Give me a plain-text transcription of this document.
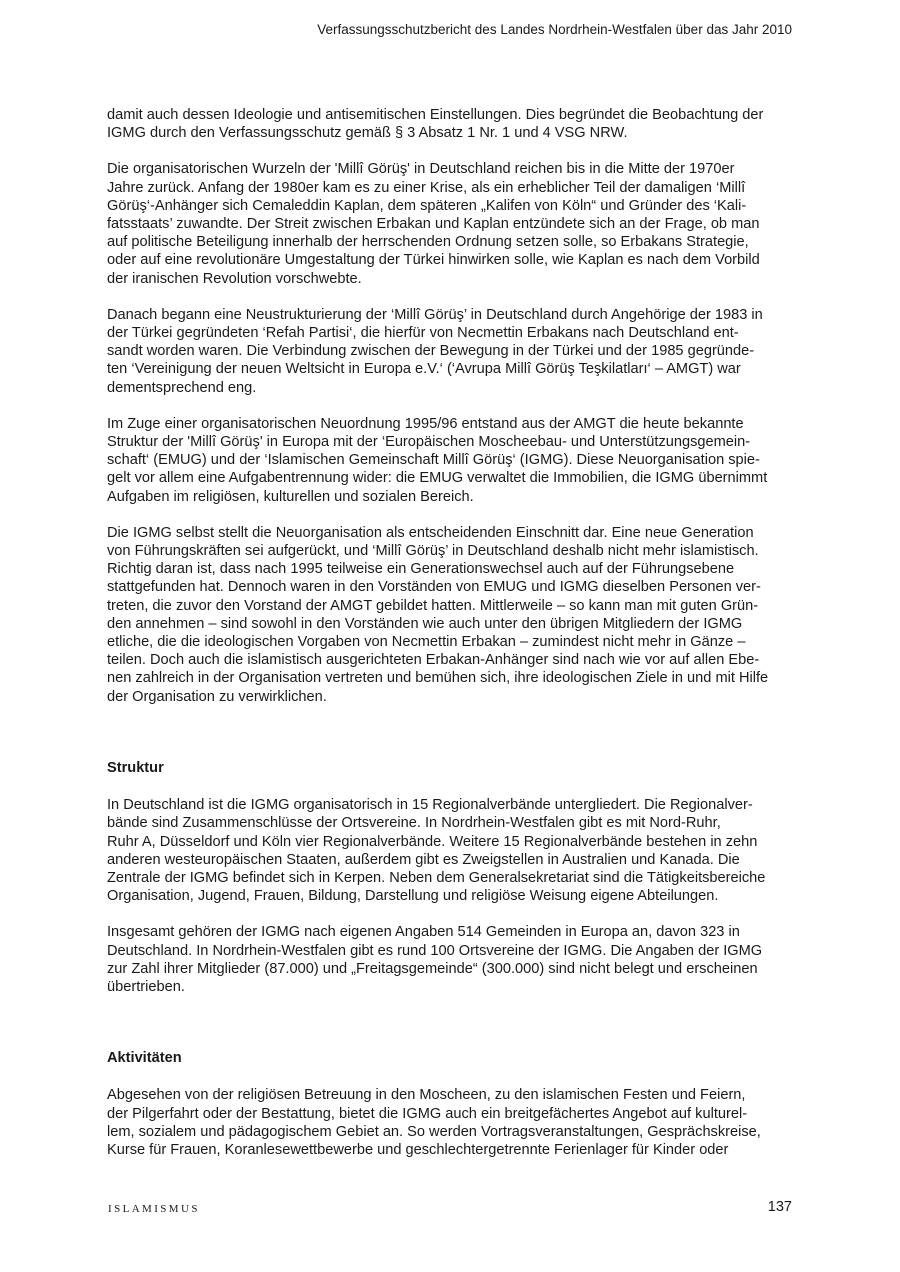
Verfassungsschutzbericht des Landes Nordrhein-Westfalen über das Jahr 2010

damit auch dessen Ideologie und antisemitischen Einstellungen. Dies begründet die Beobachtung der
IGMG durch den Verfassungsschutz gemäß § 3 Absatz 1 Nr. 1 und 4 VSG NRW.

Die organisatorischen Wurzeln der 'Millî Görüş' in Deutschland reichen bis in die Mitte der 1970er
Jahre zurück. Anfang der 1980er kam es zu einer Krise, als ein erheblicher Teil der damaligen ‘Millî
Görüş‘-Anhänger sich Cemaleddin Kaplan, dem späteren „Kalifen von Köln“ und Gründer des ‘Kali-
fatsstaats’ zuwandte. Der Streit zwischen Erbakan und Kaplan entzündete sich an der Frage, ob man
auf politische Beteiligung innerhalb der herrschenden Ordnung setzen solle, so Erbakans Strategie,
oder auf eine revolutionäre Umgestaltung der Türkei hinwirken solle, wie Kaplan es nach dem Vorbild
der iranischen Revolution vorschwebte.

Danach begann eine Neustrukturierung der ‘Millî Görüş’ in Deutschland durch Angehörige der 1983 in
der Türkei gegründeten ‘Refah Partisi‘, die hierfür von Necmettin Erbakans nach Deutschland ent-
sandt worden waren. Die Verbindung zwischen der Bewegung in der Türkei und der 1985 gegründe-
ten ‘Vereinigung der neuen Weltsicht in Europa e.V.‘ (‘Avrupa Millî Görüş Teşkilatları‘ – AMGT) war
dementsprechend eng.

Im Zuge einer organisatorischen Neuordnung 1995/96 entstand aus der AMGT die heute bekannte
Struktur der 'Millî Görüş' in Europa mit der ‘Europäischen Moscheebau- und Unterstützungsgemein-
schaft‘ (EMUG) und der ‘Islamischen Gemeinschaft Millî Görüş‘ (IGMG). Diese Neuorganisation spie-
gelt vor allem eine Aufgabentrennung wider: die EMUG verwaltet die Immobilien, die IGMG übernimmt
Aufgaben im religiösen, kulturellen und sozialen Bereich.

Die IGMG selbst stellt die Neuorganisation als entscheidenden Einschnitt dar. Eine neue Generation
von Führungskräften sei aufgerückt, und ‘Millî Görüş’ in Deutschland deshalb nicht mehr islamistisch.
Richtig daran ist, dass nach 1995 teilweise ein Generationswechsel auch auf der Führungsebene
stattgefunden hat. Dennoch waren in den Vorständen von EMUG und IGMG dieselben Personen ver-
treten, die zuvor den Vorstand der AMGT gebildet hatten. Mittlerweile – so kann man mit guten Grün-
den annehmen – sind sowohl in den Vorständen wie auch unter den übrigen Mitgliedern der IGMG
etliche, die die ideologischen Vorgaben von Necmettin Erbakan – zumindest nicht mehr in Gänze –
teilen. Doch auch die islamistisch ausgerichteten Erbakan-Anhänger sind nach wie vor auf allen Ebe-
nen zahlreich in der Organisation vertreten und bemühen sich, ihre ideologischen Ziele in und mit Hilfe
der Organisation zu verwirklichen.

Struktur

In Deutschland ist die IGMG organisatorisch in 15 Regionalverbände untergliedert. Die Regionalver-
bände sind Zusammenschlüsse der Ortsvereine. In Nordrhein-Westfalen gibt es mit Nord-Ruhr,
Ruhr A, Düsseldorf und Köln vier Regionalverbände. Weitere 15 Regionalverbände bestehen in zehn
anderen westeuropäischen Staaten, außerdem gibt es Zweigstellen in Australien und Kanada. Die
Zentrale der IGMG befindet sich in Kerpen. Neben dem Generalsekretariat sind die Tätigkeitsbereiche
Organisation, Jugend, Frauen, Bildung, Darstellung und religiöse Weisung eigene Abteilungen.

Insgesamt gehören der IGMG nach eigenen Angaben 514 Gemeinden in Europa an, davon 323 in
Deutschland. In Nordrhein-Westfalen gibt es rund 100 Ortsvereine der IGMG. Die Angaben der IGMG
zur Zahl ihrer Mitglieder (87.000) und „Freitagsgemeinde“ (300.000) sind nicht belegt und erscheinen
übertrieben.

Aktivitäten

Abgesehen von der religiösen Betreuung in den Moscheen, zu den islamischen Festen und Feiern,
der Pilgerfahrt oder der Bestattung, bietet die IGMG auch ein breitgefächertes Angebot auf kulturel-
lem, sozialem und pädagogischem Gebiet an. So werden Vortragsveranstaltungen, Gesprächskreise,
Kurse für Frauen, Koranlesewettbewerbe und geschlechtergetrennte Ferienlager für Kinder oder

ISLAMISMUS	137
